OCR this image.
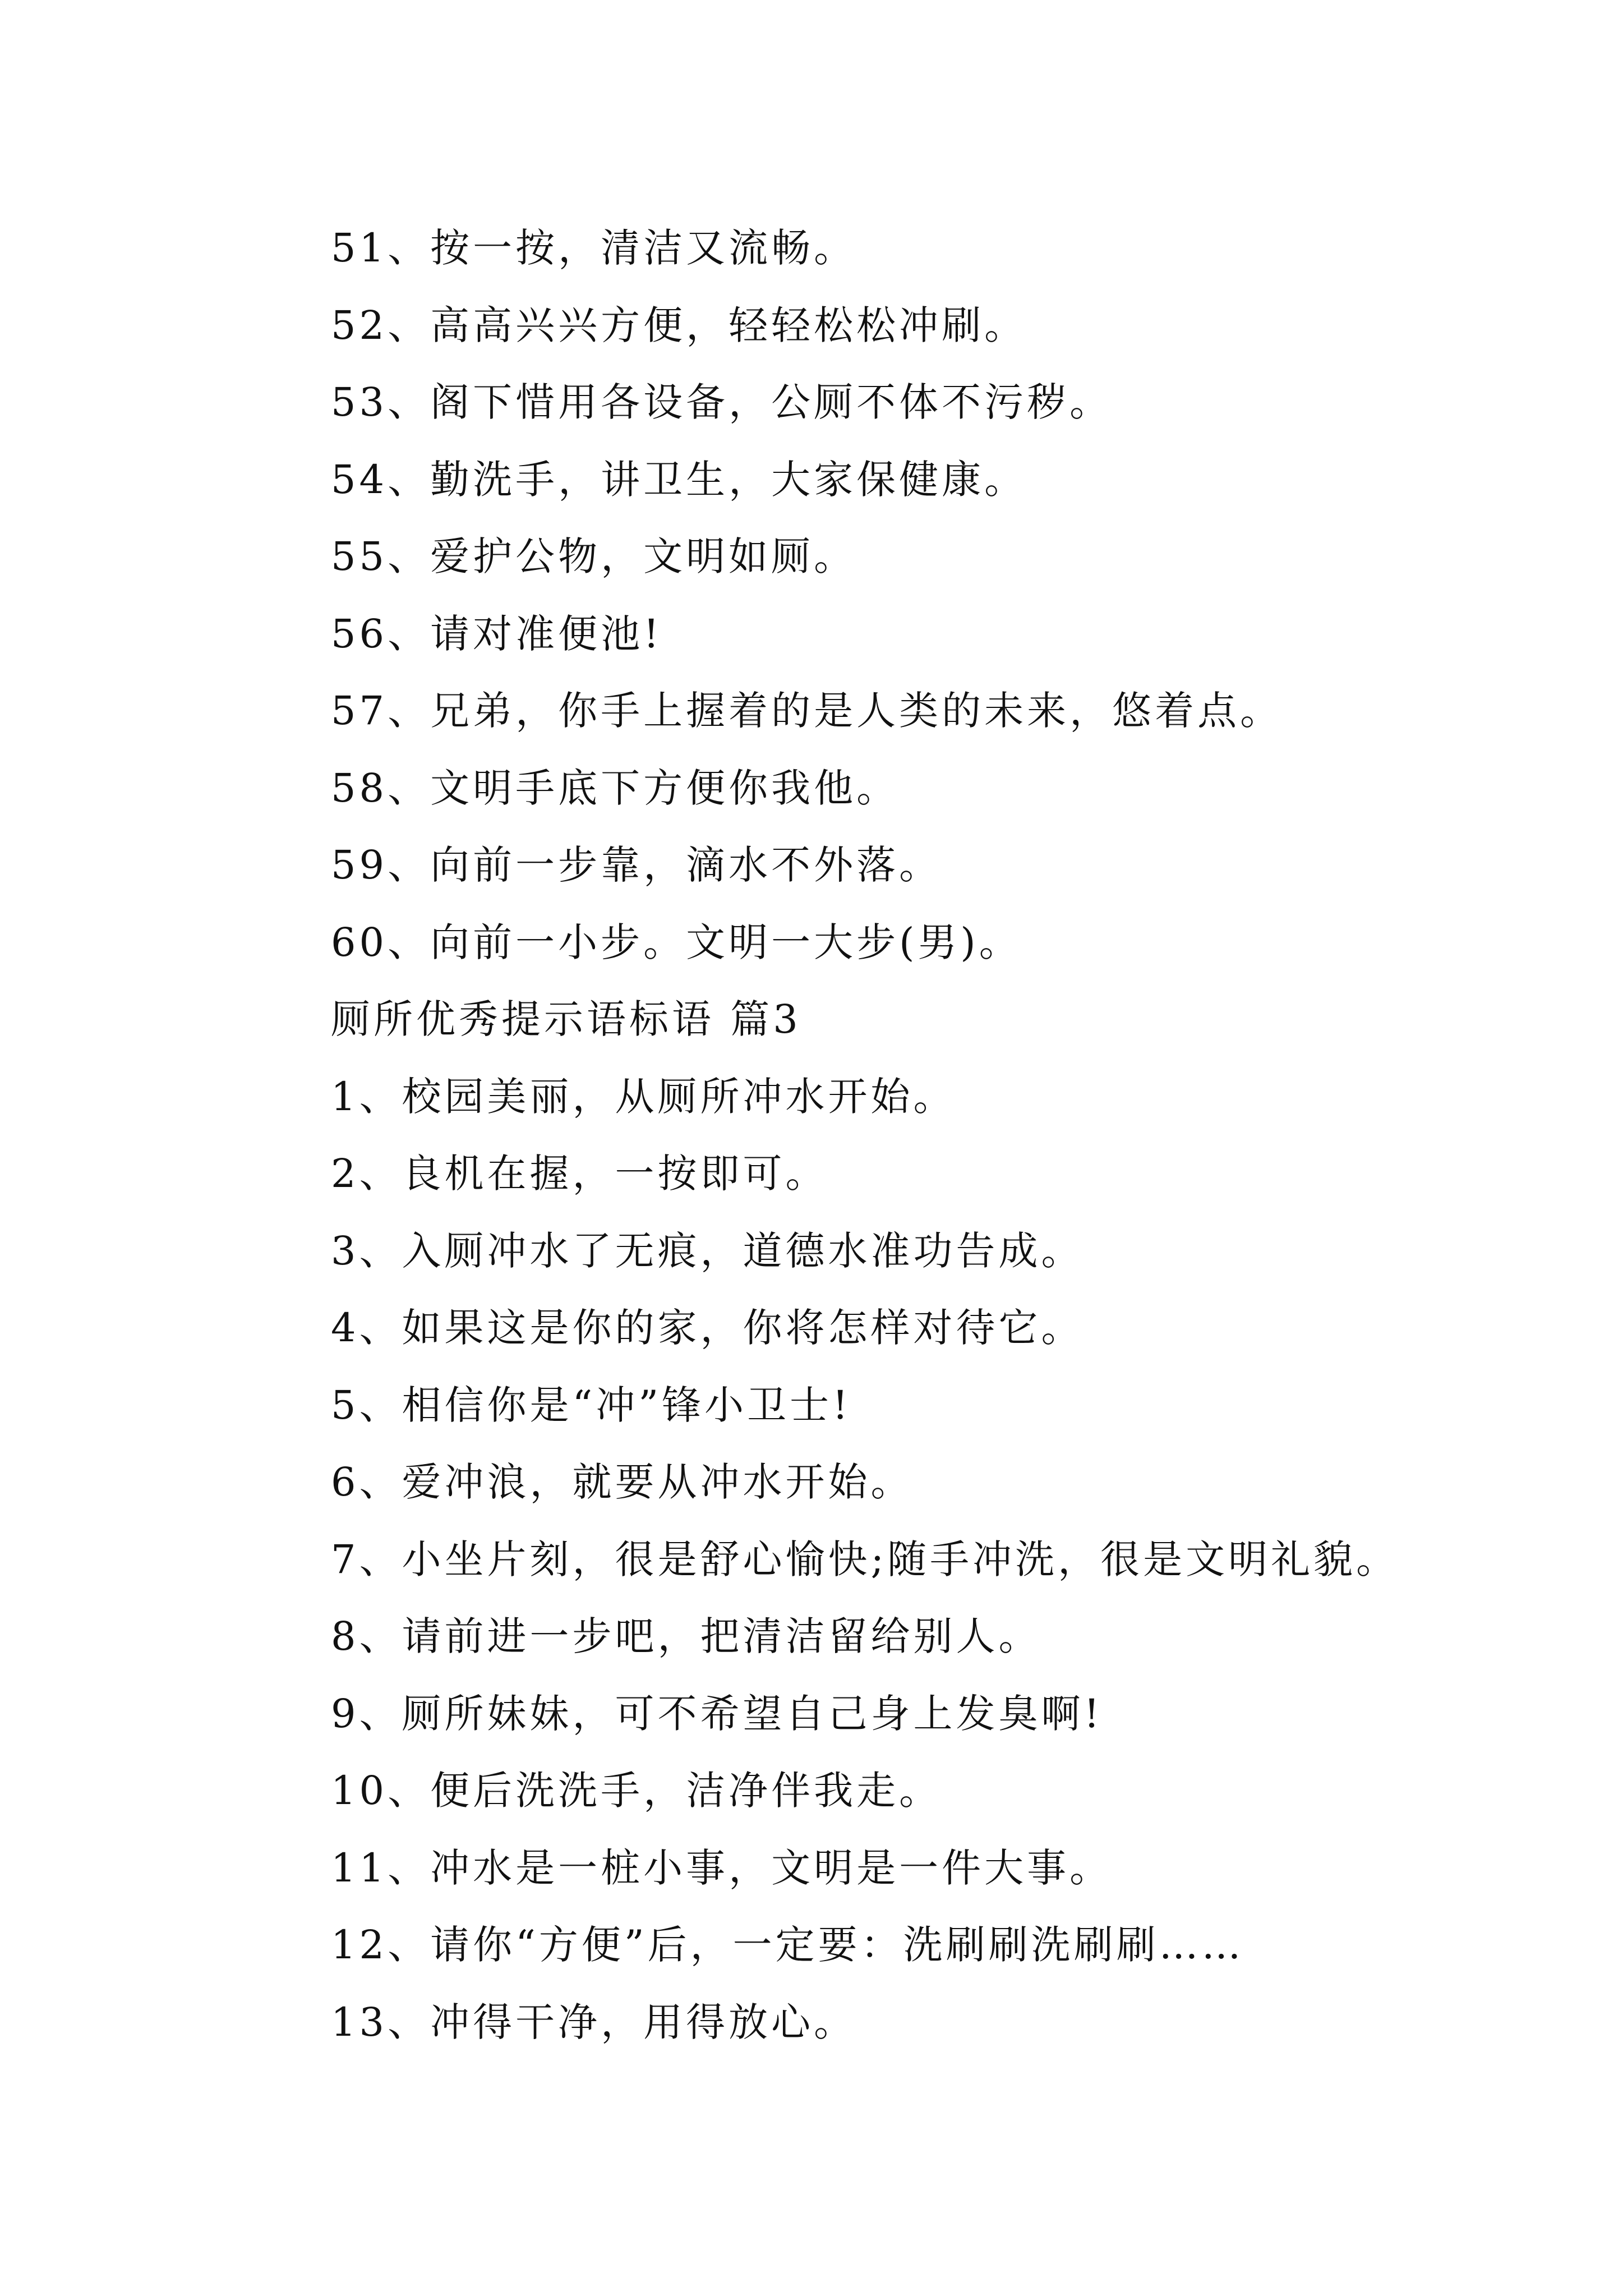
51、按一按，清洁又流畅。
52、高高兴兴方便，轻轻松松冲刷。
53、阁下惜用各设备，公厕不体不污秽。
54、勤洗手，讲卫生，大家保健康。
55、爱护公物，文明如厕。
56、请对准便池!
57、兄弟，你手上握着的是人类的未来，悠着点。
58、文明手底下方便你我他。
59、向前一步靠，滴水不外落。
60、向前一小步。文明一大步(男)。
厕所优秀提示语标语 篇3
1、校园美丽，从厕所冲水开始。
2、良机在握，一按即可。
3、入厕冲水了无痕，道德水准功告成。
4、如果这是你的家，你将怎样对待它。
5、相信你是“冲”锋小卫士!
6、爱冲浪，就要从冲水开始。
7、小坐片刻，很是舒心愉快;随手冲洗，很是文明礼貌。
8、请前进一步吧，把清洁留给别人。
9、厕所妹妹，可不希望自己身上发臭啊!
10、便后洗洗手，洁净伴我走。
11、冲水是一桩小事，文明是一件大事。
12、请你“方便”后，一定要：洗刷刷洗刷刷……
13、冲得干净，用得放心。
